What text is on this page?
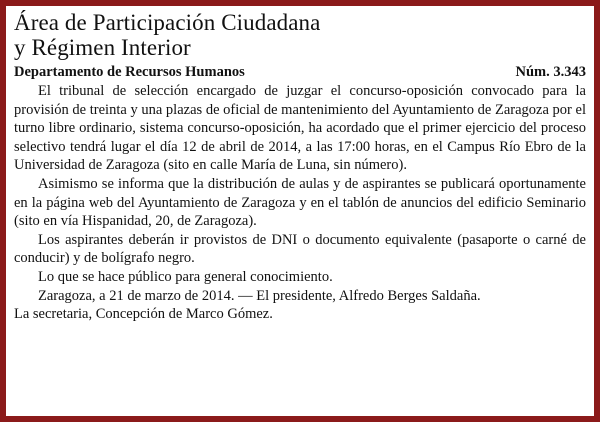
Área de Participación Ciudadana
y Régimen Interior
Departamento de Recursos Humanos	Núm. 3.343

El tribunal de selección encargado de juzgar el concurso-oposición convocado para la provisión de treinta y una plazas de oficial de mantenimiento del Ayuntamiento de Zaragoza por el turno libre ordinario, sistema concurso-oposición, ha acordado que el primer ejercicio del proceso selectivo tendrá lugar el día 12 de abril de 2014, a las 17:00 horas, en el Campus Río Ebro de la Universidad de Zaragoza (sito en calle María de Luna, sin número).

Asimismo se informa que la distribución de aulas y de aspirantes se publicará oportunamente en la página web del Ayuntamiento de Zaragoza y en el tablón de anuncios del edificio Seminario (sito en vía Hispanidad, 20, de Zaragoza).

Los aspirantes deberán ir provistos de DNI o documento equivalente (pasaporte o carné de conducir) y de bolígrafo negro.

Lo que se hace público para general conocimiento.

Zaragoza, a 21 de marzo de 2014. — El presidente, Alfredo Berges Saldaña.

La secretaria, Concepción de Marco Gómez.
